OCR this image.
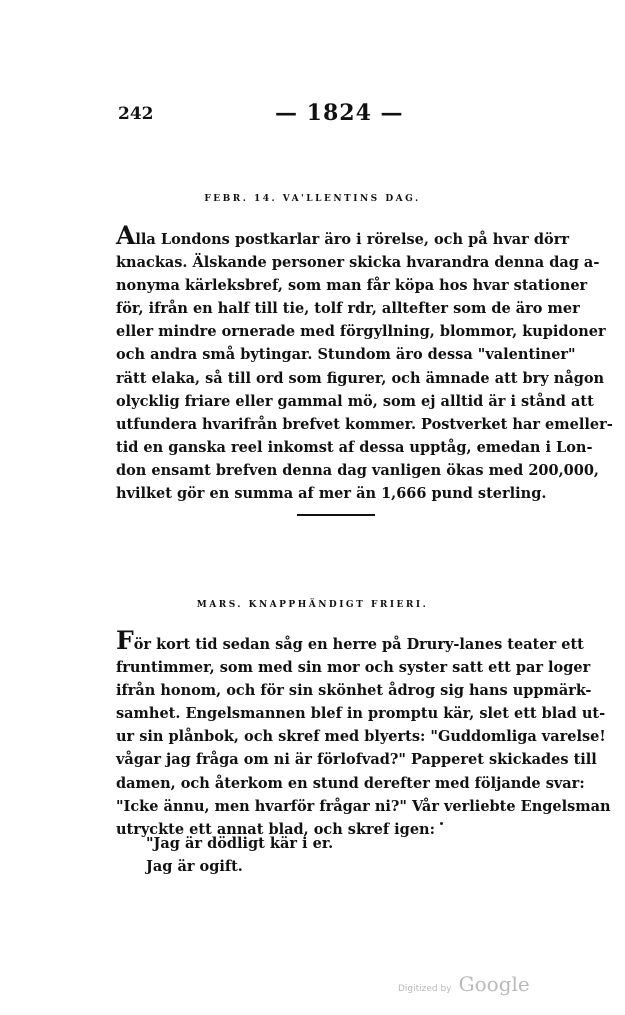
242	— 1824 —
FEBR. 14. VA'LLENTINS DAG.
Alla Londons postkarlar äro i rörelse, och på hvar dörr
knackas. Älskande personer skicka hvarandra denna dag a-
nonyma kärleksbref, som man får köpa hos hvar stationer
för, ifrån en half till tie, tolf rdr, alltefter som de äro mer
eller mindre ornerade med förgyllning, blommor, kupidoner
och andra små bytingar. Stundom äro dessa "valentiner"
rätt elaka, så till ord som figurer, och ämnade att bry någon
olycklig friare eller gammal mö, som ej alltid är i stånd att
utfundera hvarifrån brefvet kommer. Postverket har emeller-
tid en ganska reel inkomst af dessa upptåg, emedan i Lon-
don ensamt brefven denna dag vanligen ökas med 200,000,
hvilket gör en summa af mer än 1,666 pund sterling.
MARS. KNAPPHÄNDIGT FRIERI.
För kort tid sedan såg en herre på Drury-lanes teater ett
fruntimmer, som med sin mor och syster satt ett par loger
ifrån honom, och för sin skönhet ådrog sig hans uppmärk-
samhet. Engelsmannen blef in promptu kär, slet ett blad ut-
ur sin plånbok, och skref med blyerts: "Guddomliga varelse!
vågar jag fråga om ni är förlofvad?" Papperet skickades till
damen, och återkom en stund derefter med följande svar:
"Icke ännu, men hvarför frågar ni?" Vår verliebte Engelsman
utryckte ett annat blad, och skref igen:
"Jag är dödligt kär i er.
Jag är ogift.
Digitized by Google
